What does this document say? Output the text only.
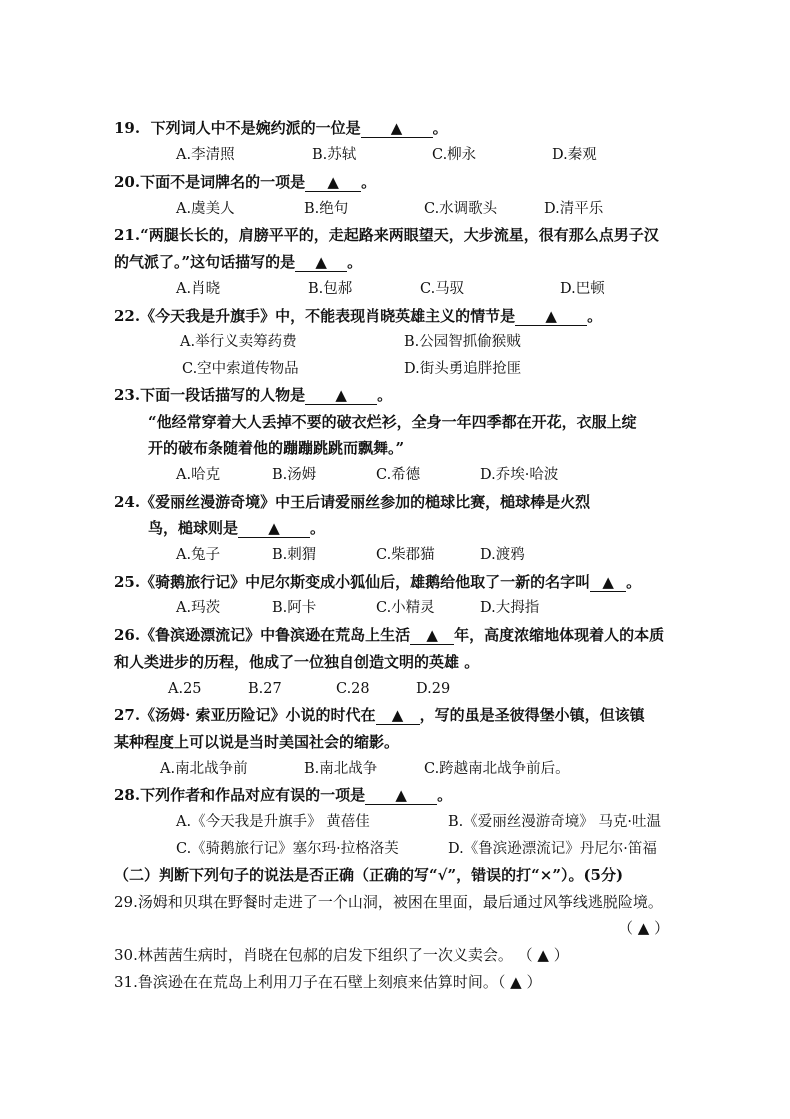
19. 下列词人中不是婉约派的一位是 ▲ 。
A.李清照	B.苏轼	C.柳永	D.秦观
20.下面不是词牌名的一项是 ▲ 。
A.虞美人	B.绝句	C.水调歌头	D.清平乐
21.“两腿长长的，肩膀平平的，走起路来两眼望天，大步流星，很有那么点男子汉
的气派了。”这句话描写的是 ▲ 。
A.肖晓	B.包郝	C.马驭	D.巴顿
22.《今天我是升旗手》中，不能表现肖晓英雄主义的情节是 ▲ 。
A.举行义卖筹药费	B.公园智抓偷猴贼
C.空中索道传物品	D.街头勇追胖抢匪
23.下面一段话描写的人物是 ▲ 。
“他经常穿着大人丢掉不要的破衣烂衫，全身一年四季都在开花，衣服上绽
开的破布条随着他的蹦蹦跳跳而飘舞。”
A.哈克	B.汤姆	C.希德	D.乔埃·哈波
24.《爱丽丝漫游奇境》中王后请爱丽丝参加的槌球比赛，槌球棒是火烈
鸟，槌球则是 ▲ 。
A.兔子	B.刺猬	C.柴郡猫	D.渡鸦
25.《骑鹅旅行记》中尼尔斯变成小狐仙后，雄鹅给他取了一新的名字叫 ▲ 。
A.玛茨	B.阿卡	C.小精灵	D.大拇指
26.《鲁滨逊漂流记》中鲁滨逊在荒岛上生活 ▲ 年，高度浓缩地体现着人的本质
和人类进步的历程，他成了一位独自创造文明的英雄 。
A.25	B.27	C.28	D.29
27.《汤姆· 索亚历险记》小说的时代在 ▲ ，写的虽是圣彼得堡小镇，但该镇
某种程度上可以说是当时美国社会的缩影。
A.南北战争前	B.南北战争	C.跨越南北战争前后。
28.下列作者和作品对应有误的一项是 ▲ 。
A.《今天我是升旗手》 黄蓓佳	B.《爱丽丝漫游奇境》 马克·吐温
C.《骑鹅旅行记》塞尔玛·拉格洛芙	D.《鲁滨逊漂流记》丹尼尔·笛福
（二）判断下列句子的说法是否正确（正确的写“√”，错误的打“×”）。(5分)
29.汤姆和贝琪在野餐时走进了一个山洞，被困在里面，最后通过风筝线逃脱险境。
（ ▲ ）
30.林茜茜生病时，肖晓在包郝的启发下组织了一次义卖会。 （ ▲ ）
31.鲁滨逊在在荒岛上利用刀子在石壁上刻痕来估算时间。（ ▲ ）
